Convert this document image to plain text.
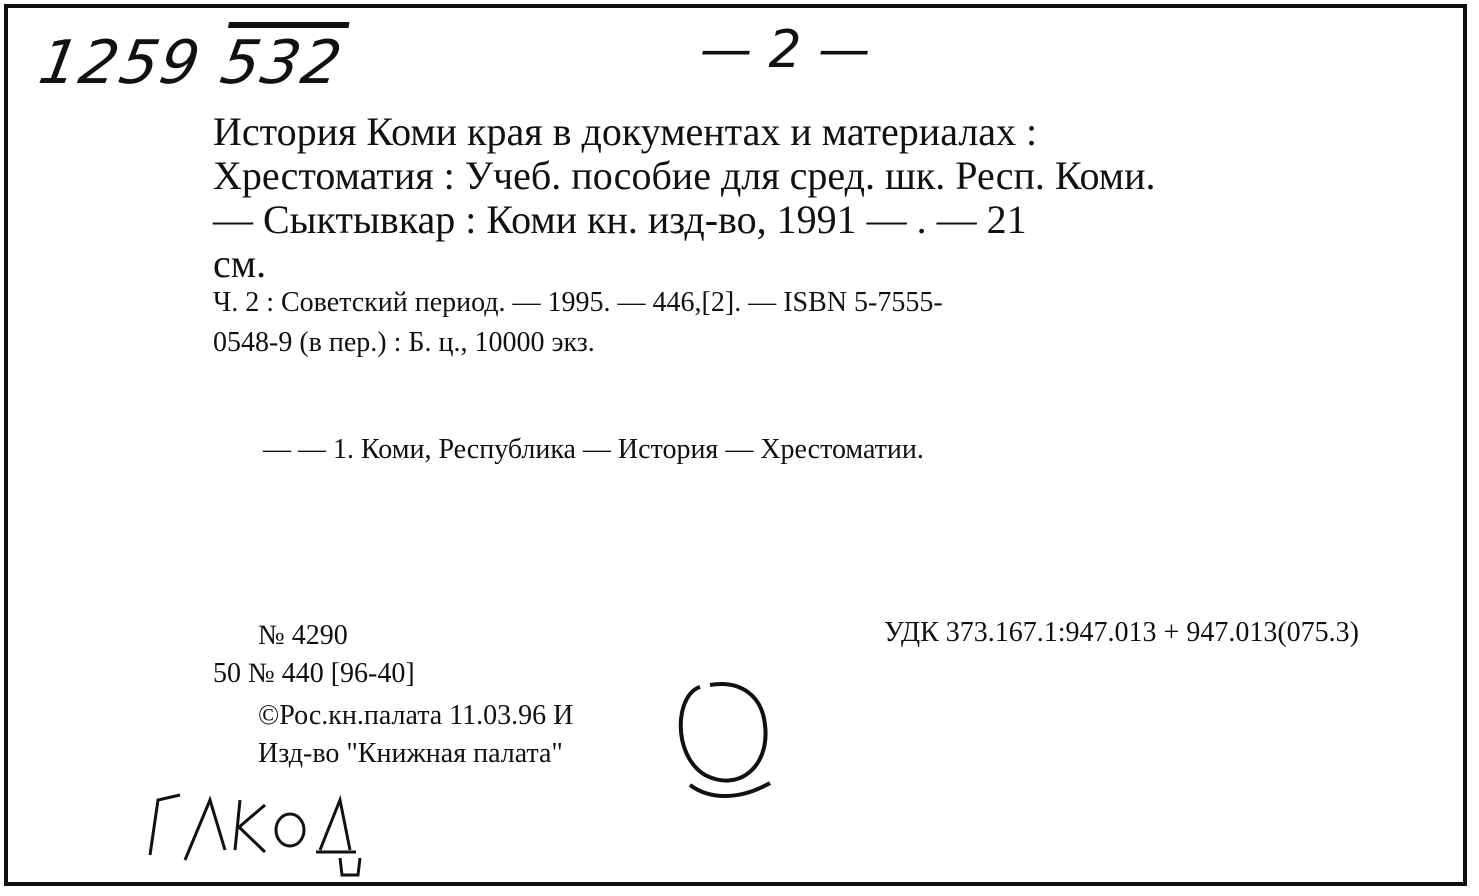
1259 532	— 2 —
История Коми края в документах и материалах :
Хрестоматия : Учеб. пособие для сред. шк. Респ. Коми.
— Сыктывкар : Коми кн. изд-во, 1991 — . — 21
см.
Ч. 2 : Советский период. — 1995. — 446,[2]. — ISBN 5-7555-
0548-9 (в пер.) : Б. ц., 10000 экз.
— — 1. Коми, Республика — История — Хрестоматии.
№ 4290
50 № 440 [96-40]
УДК 373.167.1:947.013 + 947.013(075.3)
©Рос.кн.палата 11.03.96 И
Изд-во "Книжная палата"
